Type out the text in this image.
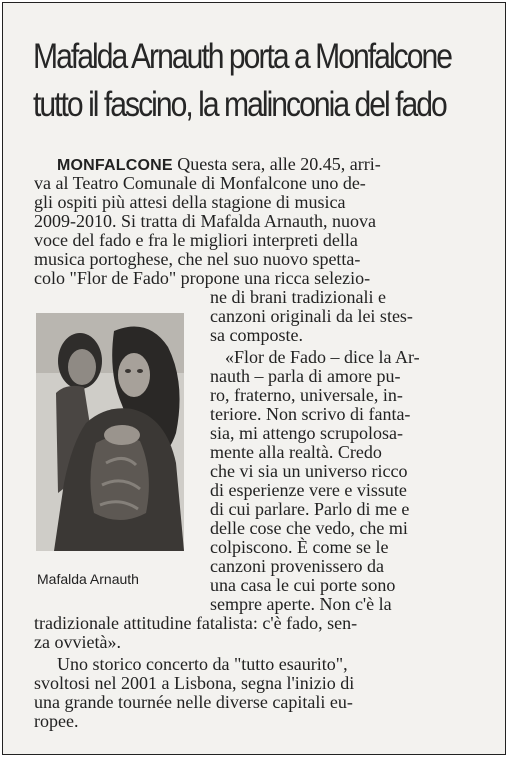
Mafalda Arnauth porta a Monfalcone
tutto il fascino, la malinconia del fado
MONFALCONE Questa sera, alle 20.45, arri-
va al Teatro Comunale di Monfalcone uno de-
gli ospiti più attesi della stagione di musica
2009-2010. Si tratta di Mafalda Arnauth, nuova
voce del fado e fra le migliori interpreti della
musica portoghese, che nel suo nuovo spetta-
colo "Flor de Fado" propone una ricca selezio-
ne di brani tradizionali e
canzoni originali da lei stes-
sa composte.
«Flor de Fado – dice la Ar-
nauth – parla di amore pu-
ro, fraterno, universale, in-
teriore. Non scrivo di fanta-
sia, mi attengo scrupolosa-
mente alla realtà. Credo
che vi sia un universo ricco
di esperienze vere e vissute
di cui parlare. Parlo di me e
delle cose che vedo, che mi
colpiscono. È come se le
canzoni provenissero da
una casa le cui porte sono
sempre aperte. Non c'è la
tradizionale attitudine fatalista: c'è fado, sen-
za ovvietà».
Uno storico concerto da "tutto esaurito",
svoltosi nel 2001 a Lisbona, segna l'inizio di
una grande tournée nelle diverse capitali eu-
ropee.
Mafalda Arnauth
